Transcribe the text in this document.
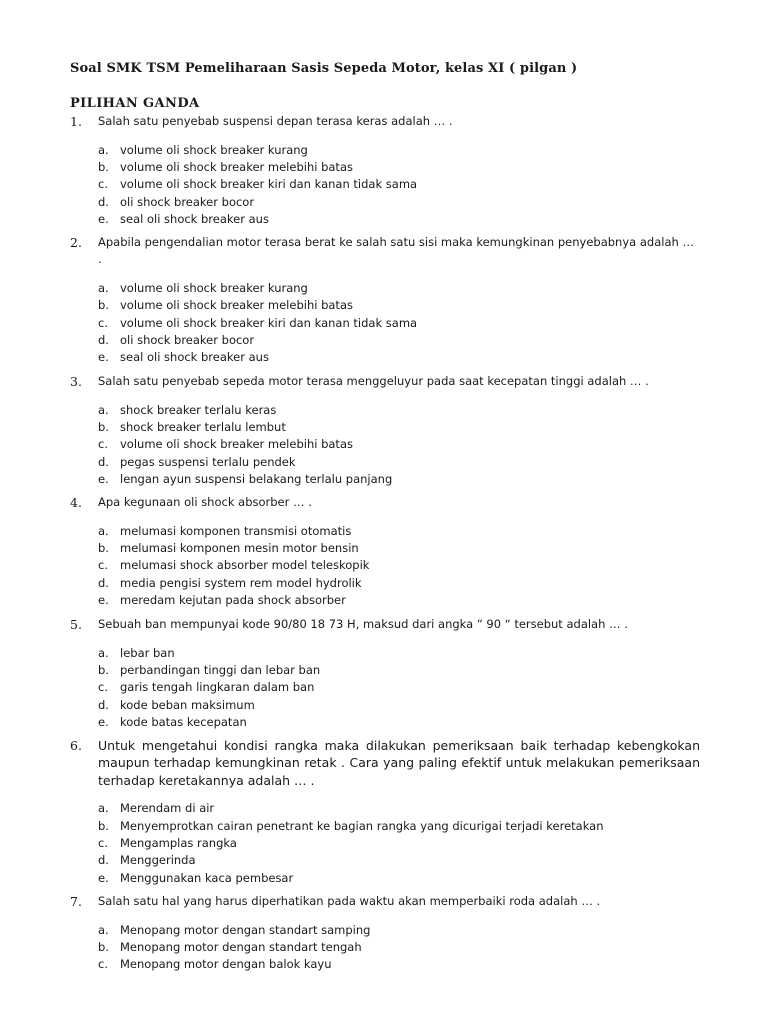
Soal SMK TSM Pemeliharaan Sasis Sepeda Motor, kelas XI ( pilgan )
PILIHAN GANDA
1.	Salah satu penyebab suspensi depan terasa keras adalah … .
a. volume oli shock breaker kurang
b. volume oli shock breaker melebihi batas
c.	volume oli shock breaker kiri dan kanan tidak sama
d. oli shock breaker bocor
e. seal oli shock breaker aus
2.	Apabila pengendalian motor terasa berat ke salah satu sisi maka kemungkinan penyebabnya adalah … .
a. volume oli shock breaker kurang
b. volume oli shock breaker melebihi batas
c.	volume oli shock breaker kiri dan kanan tidak sama
d. oli shock breaker bocor
e. seal oli shock breaker aus
3.	Salah satu penyebab sepeda motor terasa menggeluyur pada saat kecepatan tinggi adalah … .
a. shock breaker terlalu keras
b. shock breaker terlalu lembut
c.	volume oli shock breaker melebihi batas
d. pegas suspensi terlalu pendek
e. lengan ayun suspensi belakang terlalu panjang
4.	Apa kegunaan oli shock absorber … .
a. melumasi komponen transmisi otomatis
b. melumasi komponen mesin motor bensin
c.	melumasi shock absorber model teleskopik
d. media pengisi system rem model hydrolik
e. meredam kejutan pada shock absorber
5.	Sebuah ban mempunyai kode 90/80 18 73 H, maksud dari angka “ 90 “ tersebut adalah … .
a. lebar ban
b. perbandingan tinggi dan lebar ban
c.	garis tengah lingkaran dalam ban
d. kode beban maksimum
e. kode batas kecepatan
6.	Untuk mengetahui kondisi rangka maka dilakukan pemeriksaan baik terhadap kebengkokan maupun terhadap kemungkinan retak . Cara yang paling efektif untuk melakukan pemeriksaan terhadap keretakannya adalah … .
a. Merendam di air
b. Menyemprotkan cairan penetrant ke bagian rangka yang dicurigai terjadi keretakan
c.	Mengamplas rangka
d. Menggerinda
e. Menggunakan kaca pembesar
7.	Salah satu hal yang harus diperhatikan pada waktu akan memperbaiki roda adalah … .
a. Menopang motor dengan standart samping
b. Menopang motor dengan standart tengah
c.	Menopang motor dengan balok kayu
